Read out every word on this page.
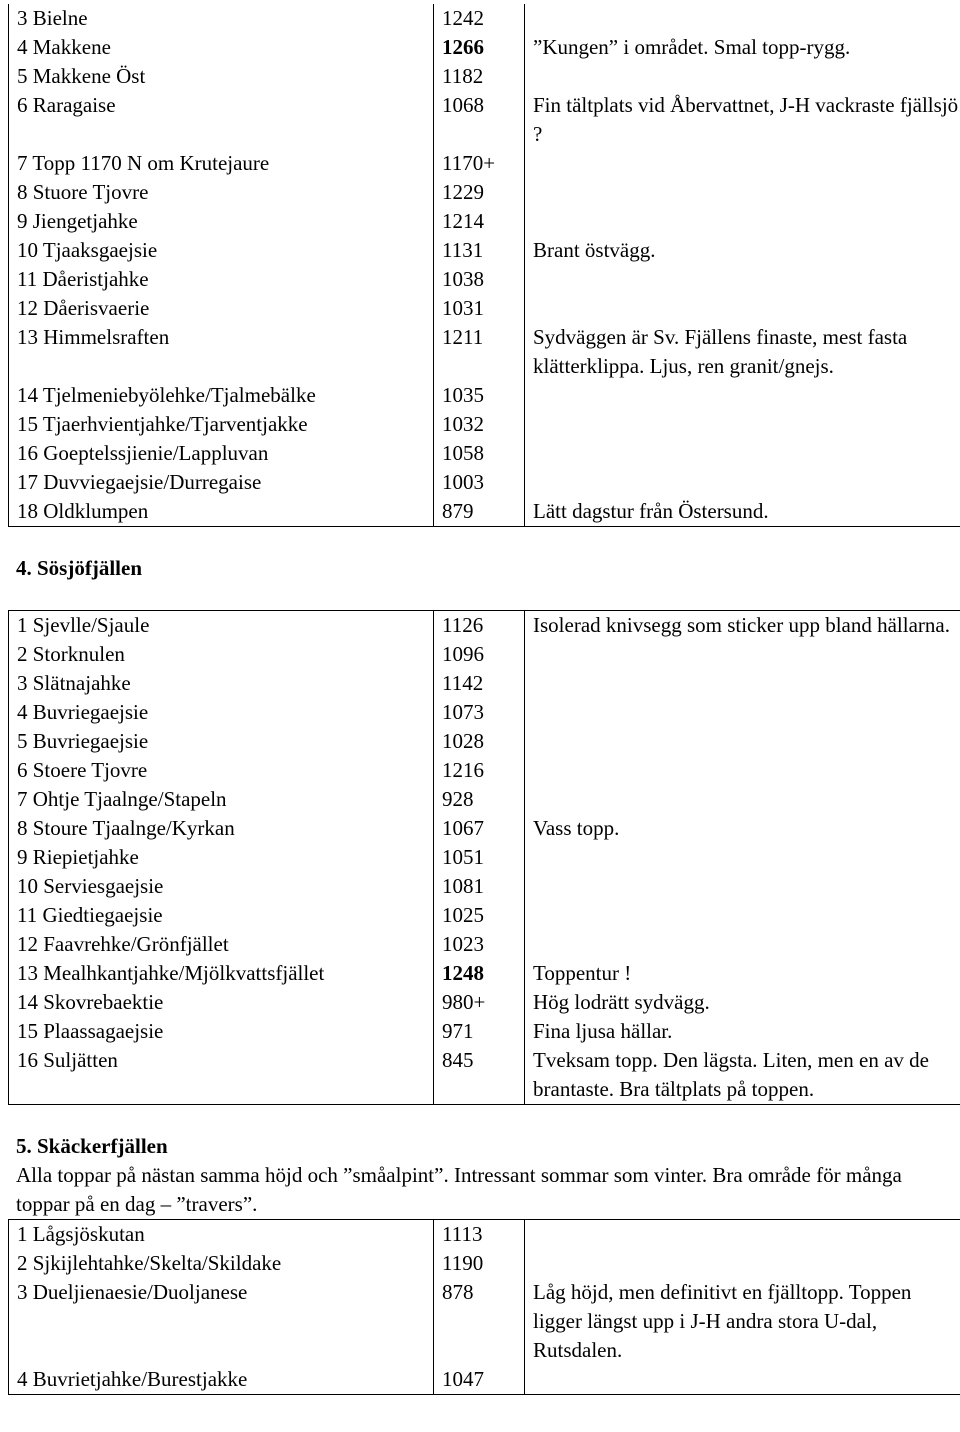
3 Bielne	1242	
4 Makkene	1266	”Kungen” i området. Smal topp-rygg.
5 Makkene Öst	1182	
6 Raragaise	1068	Fin tältplats vid Åbervattnet, J-H vackraste fjällsjö ?
7 Topp 1170 N om Krutejaure	1170+	
8 Stuore Tjovre	1229	
9 Jiengetjahke	1214	
10 Tjaaksgaejsie	1131	Brant östvägg.
11 Dåeristjahke	1038	
12 Dåerisvaerie	1031	
13 Himmelsraften	1211	Sydväggen är Sv. Fjällens finaste, mest fasta klätterklippa. Ljus, ren granit/gnejs.
14 Tjelmeniebyölehke/Tjalmebälke	1035	
15 Tjaerhvientjahke/Tjarventjakke	1032	
16 Goeptelssjienie/Lappluvan	1058	
17 Duvviegaejsie/Durregaise	1003	
18 Oldklumpen	879	Lätt dagstur från Östersund.

4. Sösjöfjällen

1 Sjevlle/Sjaule	1126	Isolerad knivsegg som sticker upp bland hällarna.
2 Storknulen	1096	
3 Slätnajahke	1142	
4 Buvriegaejsie	1073	
5 Buvriegaejsie	1028	
6 Stoere Tjovre	1216	
7 Ohtje Tjaalnge/Stapeln	928	
8 Stoure Tjaalnge/Kyrkan	1067	Vass topp.
9 Riepietjahke	1051	
10 Serviesgaejsie	1081	
11 Giedtiegaejsie	1025	
12 Faavrehke/Grönfjället	1023	
13 Mealhkantjahke/Mjölkvattsfjället	1248	Toppentur !
14 Skovrebaektie	980+	Hög lodrätt sydvägg.
15 Plaassagaejsie	971	Fina ljusa hällar.
16 Suljätten	845	Tveksam topp. Den lägsta. Liten, men en av de brantaste. Bra tältplats på toppen.

5. Skäckerfjällen

Alla toppar på nästan samma höjd och ”småalpint”. Intressant sommar som vinter. Bra område för många toppar på en dag – ”travers”.

1 Lågsjöskutan	1113	
2 Sjkijlehtahke/Skelta/Skildake	1190	
3 Dueljienaesie/Duoljanese	878	Låg höjd, men definitivt en fjälltopp. Toppen ligger längst upp i J-H andra stora U-dal, Rutsdalen.
4 Buvrietjahke/Burestjakke	1047	
